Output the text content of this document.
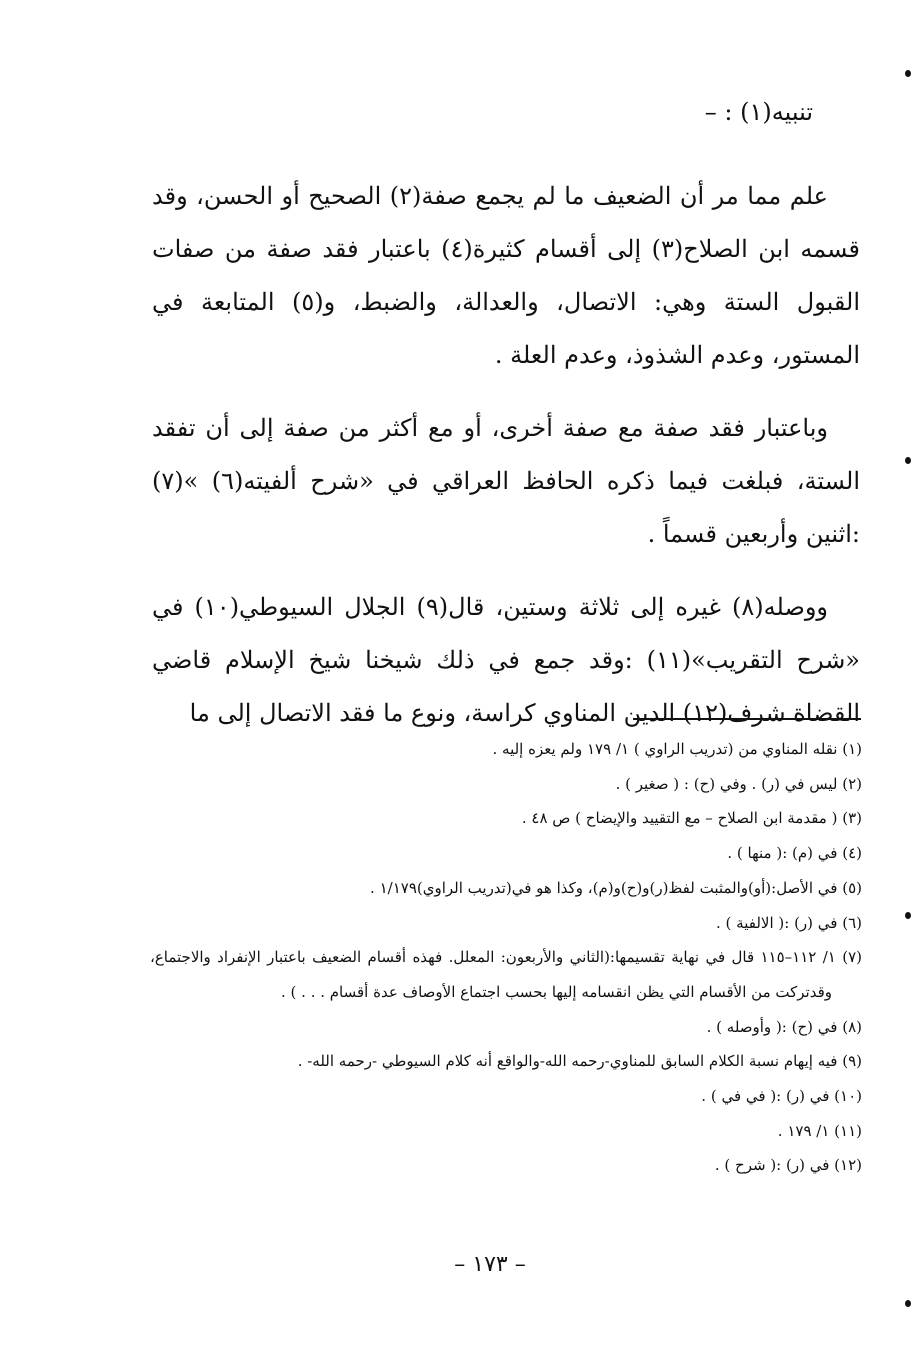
تنبيه(١) : –

علم مما مر أن الضعيف ما لم يجمع صفة(٢) الصحيح أو الحسن، وقد قسمه ابن الصلاح(٣) إلى أقسام كثيرة(٤) باعتبار فقد صفة من صفات القبول الستة وهي: الاتصال، والعدالة، والضبط، و(٥) المتابعة في المستور، وعدم الشذوذ، وعدم العلة .

وباعتبار فقد صفة مع صفة أخرى، أو مع أكثر من صفة إلى أن تفقد الستة، فبلغت فيما ذكره الحافظ العراقي في «شرح ألفيته(٦) »(٧) :اثنين وأربعين قسماً .

ووصله(٨) غيره إلى ثلاثة وستين، قال(٩) الجلال السيوطي(١٠) في «شرح التقريب»(١١) :وقد جمع في ذلك شيخنا شيخ الإسلام قاضي القضاة شرف(١٢) الدين المناوي كراسة، ونوع ما فقد الاتصال إلى ما

(١) نقله المناوي من (تدريب الراوي ) ١/ ١٧٩ ولم يعزه إليه .

(٢) ليس في (ر) . وفي (ح) : ( صغير ) .

(٣) ( مقدمة ابن الصلاح – مع التقييد والإيضاح ) ص ٤٨ .

(٤) في (م) :( منها ) .

(٥) في الأصل:(أو)والمثبت لفظ(ر)و(ح)و(م)، وكذا هو في(تدريب الراوي)١/١٧٩ .

(٦) في (ر) :( الالفية ) .

(٧) ١/ ١١٢–١١٥ قال في نهاية تقسيمها:(الثاني والأربعون: المعلل. فهذه أقسام الضعيف باعتبار الإنفراد والاجتماع، وقدتركت من الأقسام التي يظن انقسامه إليها بحسب اجتماع الأوصاف عدة أقسام . . . ) .

(٨) في (ح) :( وأوصله ) .

(٩) فيه إيهام نسبة الكلام السابق للمناوي-رحمه الله-والواقع أنه كلام السيوطي -رحمه الله- .

(١٠) في (ر) :( في في ) .

(١١) ١/ ١٧٩ .

(١٢) في (ر) :( شرح ) .

– ١٧٣ –
